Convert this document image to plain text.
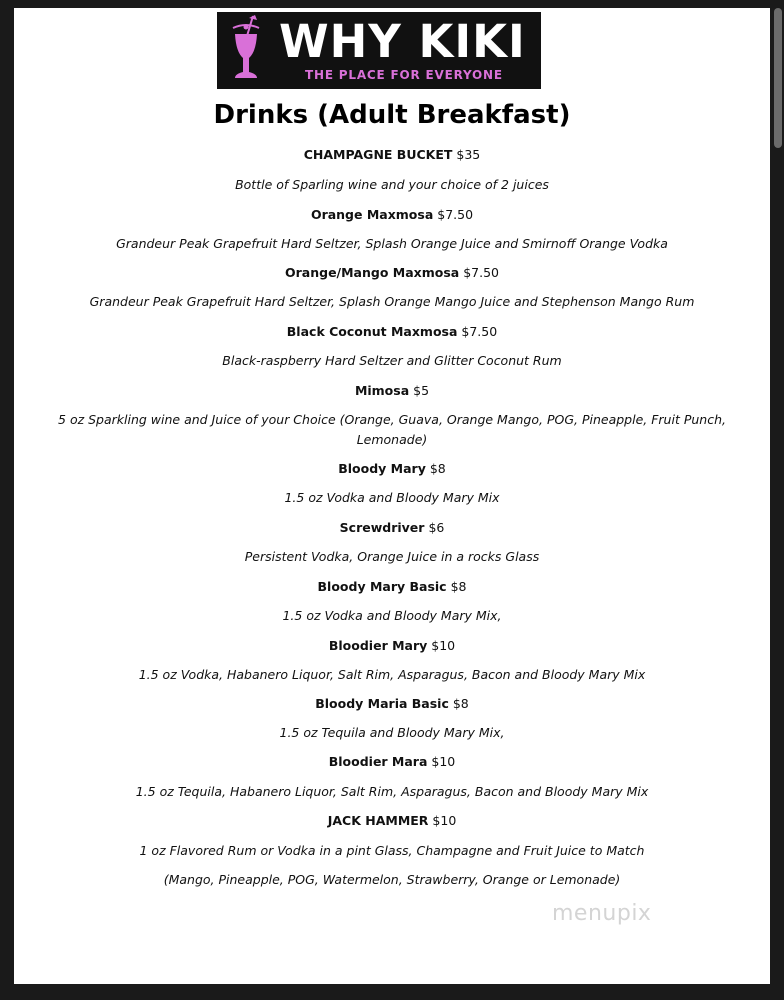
WHY KIKI
THE PLACE FOR EVERYONE
Drinks (Adult Breakfast)
CHAMPAGNE BUCKET $35
Bottle of Sparling wine and your choice of 2 juices
Orange Maxmosa $7.50
Grandeur Peak Grapefruit Hard Seltzer, Splash Orange Juice and Smirnoff Orange Vodka
Orange/Mango Maxmosa $7.50
Grandeur Peak Grapefruit Hard Seltzer, Splash Orange Mango Juice and Stephenson Mango Rum
Black Coconut Maxmosa $7.50
Black-raspberry Hard Seltzer and Glitter Coconut Rum
Mimosa $5
5 oz Sparkling wine and Juice of your Choice (Orange, Guava, Orange Mango, POG, Pineapple, Fruit Punch, Lemonade)
Bloody Mary $8
1.5 oz Vodka and Bloody Mary Mix
Screwdriver $6
Persistent Vodka, Orange Juice in a rocks Glass
Bloody Mary Basic $8
1.5 oz Vodka and Bloody Mary Mix,
Bloodier Mary $10
1.5 oz Vodka, Habanero Liquor, Salt Rim, Asparagus, Bacon and Bloody Mary Mix
Bloody Maria Basic $8
1.5 oz Tequila and Bloody Mary Mix,
Bloodier Mara $10
1.5 oz Tequila, Habanero Liquor, Salt Rim, Asparagus, Bacon and Bloody Mary Mix
JACK HAMMER $10
1 oz Flavored Rum or Vodka in a pint Glass, Champagne and Fruit Juice to Match
(Mango, Pineapple, POG, Watermelon, Strawberry, Orange or Lemonade)
menupix
